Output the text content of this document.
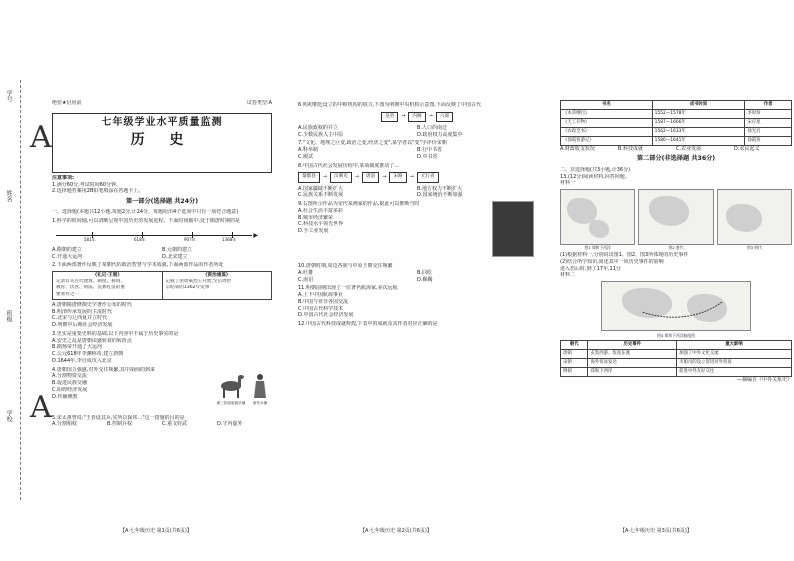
学号
姓名
班级
学校
A
A
绝密★启用前	试卷类型:A
七年级学业水平质量监测
历 史
注意事项:
1.满分60分,考试时间60分钟。
2.选择题答案用2B铅笔填涂在答题卡上。
第一部分(选择题 共24分)
一、选择题(本题共12小题,每题2分,计24分。每题给出4个选项中只有一项符合题意)
1.科学的时间轴,可以清晰呈现中国历史的发展进程。下面时间轴中,处于隋唐时期的是
▶
581年	618年	907年	1368年
A.隋朝的建立	B.元朝的建立
C.开通大运河	D.北宋建立
2.下面两部著作反映了某朝代的政治智慧与学术成就,下面两部作品的作者所处
《礼记·王制》
记录有关古代建筑、制度、称谓、
教育、饮食、刑法、丧葬礼仪的重
要著作之一
《资治通鉴》
记载了由周威烈王开始,至后周世
宗结束的1362年史事
A.唐朝隋唐修撰史学著作公布的时代
B.明清传承发展的主流时代
C.北宋与辽西夏并立时代
D.明朝中后期社会经济发展
3.史实是重要史料的基础,以下内容中不属于历史事实的是
A.安史之乱是唐朝由盛转衰的转折点
B.隋炀帝开通了大运河
C.公元618年李渊称帝,建立唐朝
D.1644年,李自成攻入北京
4.唐朝国力强盛,对外交往频繁,其中胡商的到来
唐三彩骆驼载乐俑 唐代女俑
A.分割物资交流
B.促进民族交融
C.阻碍经济发展
D.传播佛教
5.宋太祖曾说:"王者设其兵,实所以保邦…"这一措施的目的是
A.分割相权	B.控制兵权	C.重文轻武	D.守内虚外
6.明初朝廷设立的中枢机构的权力,下图为明朝中央机构示意图,下面反映了中国古代
皇帝	→	内阁	→	六部
A.民族政权的并立	B.人口的南迁
C.少数民族入主中原	D.政府权力高度集中
7."文化、地理之巨变,政治之变,经济之变",某学者以"变"字评价宋朝
A.科举制	B.行中书省
C.殿试	D.中书省
8.中国古代社会发展历程中,某项制度推动了...
秦郡县	→	汉刺史	→	唐道	→	宋路	→	元行省
A.国家疆域不断扩大	B.地方权力不断扩大
C.民族关系不断发展	D.国家统治不断加强
9.右图所示作品为宋代某画家的作品,据此可以推断当时
A.社会生活丰富多彩
B.城市经济繁荣
C.科技水平领先世界
D.手工业发展
10.唐朝时期,周边各族与中原王朝交往频繁
A.吐蕃	B.回纥
C.南诏	D.靺鞨
11.明朝前期出现了一位著名航海家,多次远航
A.上下中国航海事业
B.中国与亚非各国交流
C.中国古代科学技术
D.中国古代社会经济发展
12.中国古代科技成就辉煌,下表中的成就及其作者对应正确的是
书名	成书时间	作者
《本草纲目》	1552—1578年	李时珍
《天工开物》	1587—1666年	宋应星
《农政全书》	1562—1633年	徐光启
《徐霞客游记》	1586—1641年	徐霞客
A.财政收支状况	B.科技成就	C.农业发展	D.农民起义
第二部分(非选择题 共36分)
二、非选择题(共3小题,计36分)
13.(12分)阅读材料,回答问题。
材料一
图1 郑和下西洋	图2 唐代	图3 明代
(1)根据材料一,分别说出图1、图2、图3所体现的历史事件
(2)结合所学知识,简述其中一项历史事件的影响
进入伤后时,到了17年,11分
材料二
图4 郑和下西洋航线图
朝代	历史事件	重大影响
唐朝	玄奘西游、鉴真东渡	加强了中外文化交流
宋朝	海外贸易发达	市舶司的设立促进对外贸易
明朝	郑和下西洋	促进中外友好交往
—摘编自《中外关系史》
【A·七年级历史 第1页(共6页)】	【A·七年级历史 第2页(共6页)】	【A·七年级历史 第3页(共6页)】
